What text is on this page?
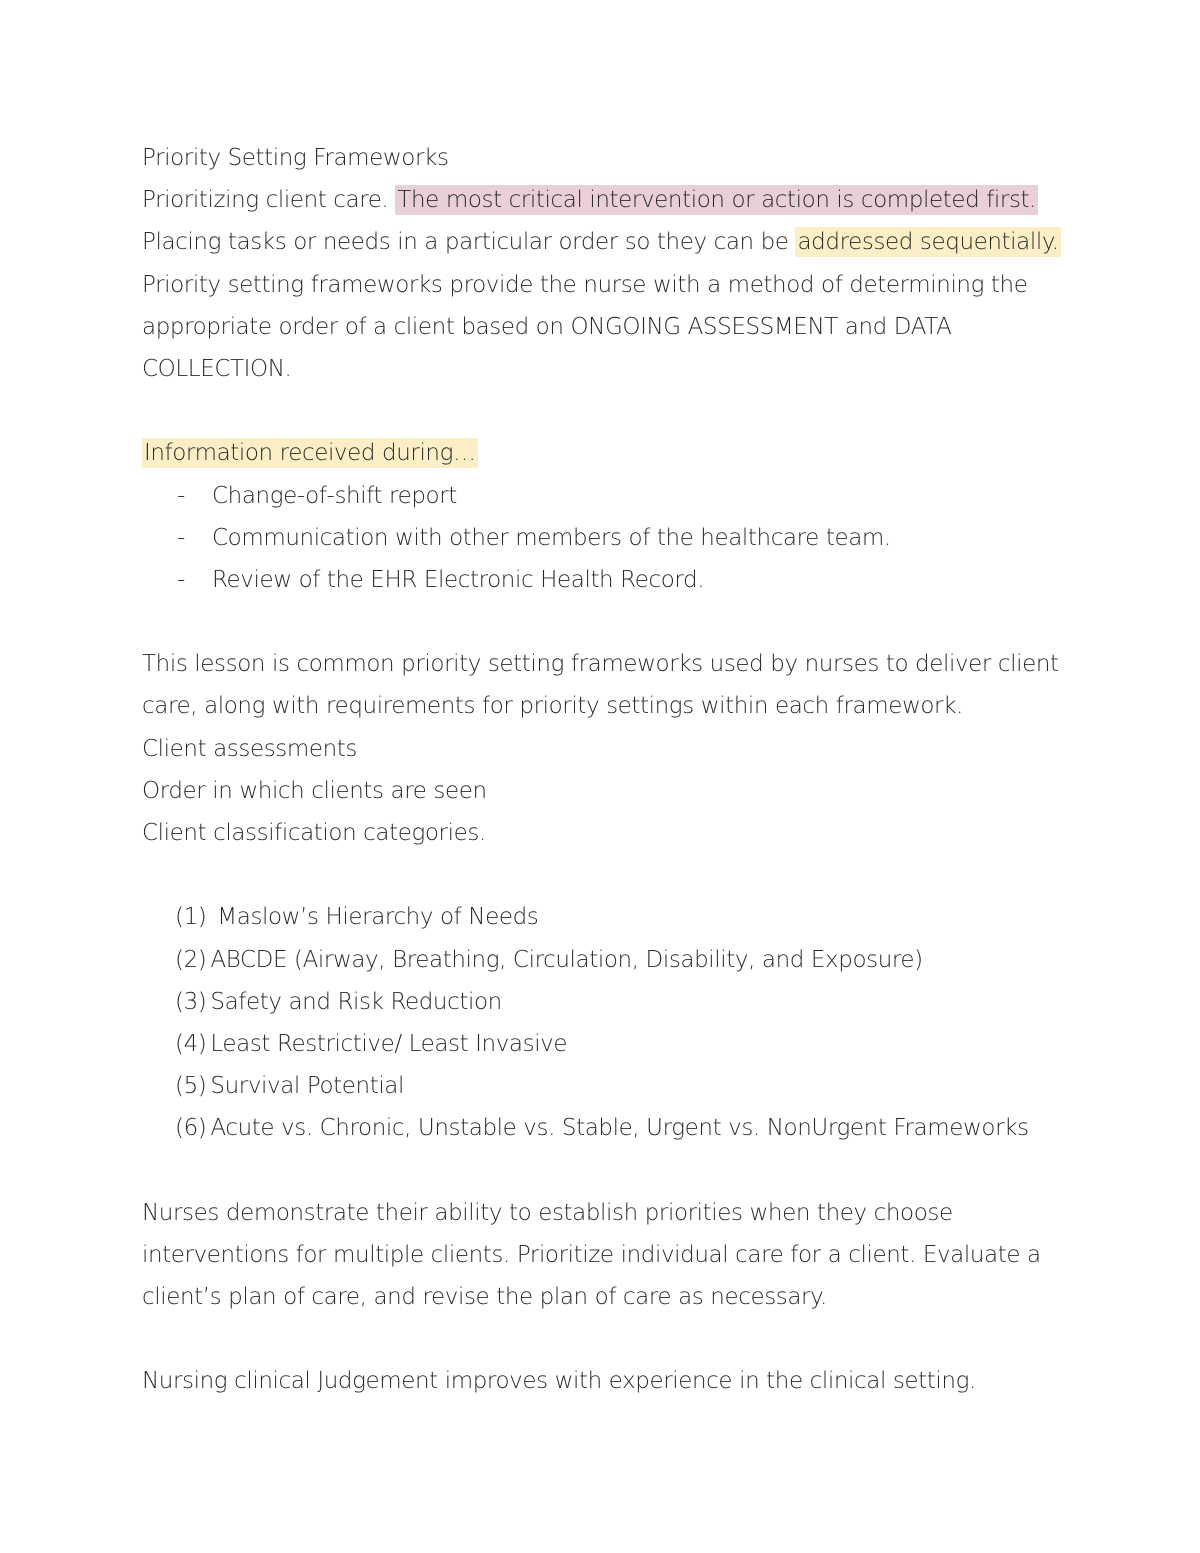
Priority Setting Frameworks
Prioritizing client care. The most critical intervention or action is completed first.
Placing tasks or needs in a particular order so they can be addressed sequentially.
Priority setting frameworks provide the nurse with a method of determining the
appropriate order of a client based on ONGOING ASSESSMENT and DATA
COLLECTION.
Information received during…
- Change-of-shift report
- Communication with other members of the healthcare team.
- Review of the EHR Electronic Health Record.
This lesson is common priority setting frameworks used by nurses to deliver client
care, along with requirements for priority settings within each framework.
Client assessments
Order in which clients are seen
Client classification categories.
(1) Maslow’s Hierarchy of Needs
(2) ABCDE (Airway, Breathing, Circulation, Disability, and Exposure)
(3) Safety and Risk Reduction
(4) Least Restrictive/ Least Invasive
(5) Survival Potential
(6) Acute vs. Chronic, Unstable vs. Stable, Urgent vs. NonUrgent Frameworks
Nurses demonstrate their ability to establish priorities when they choose
interventions for multiple clients. Prioritize individual care for a client. Evaluate a
client’s plan of care, and revise the plan of care as necessary.
Nursing clinical Judgement improves with experience in the clinical setting.
